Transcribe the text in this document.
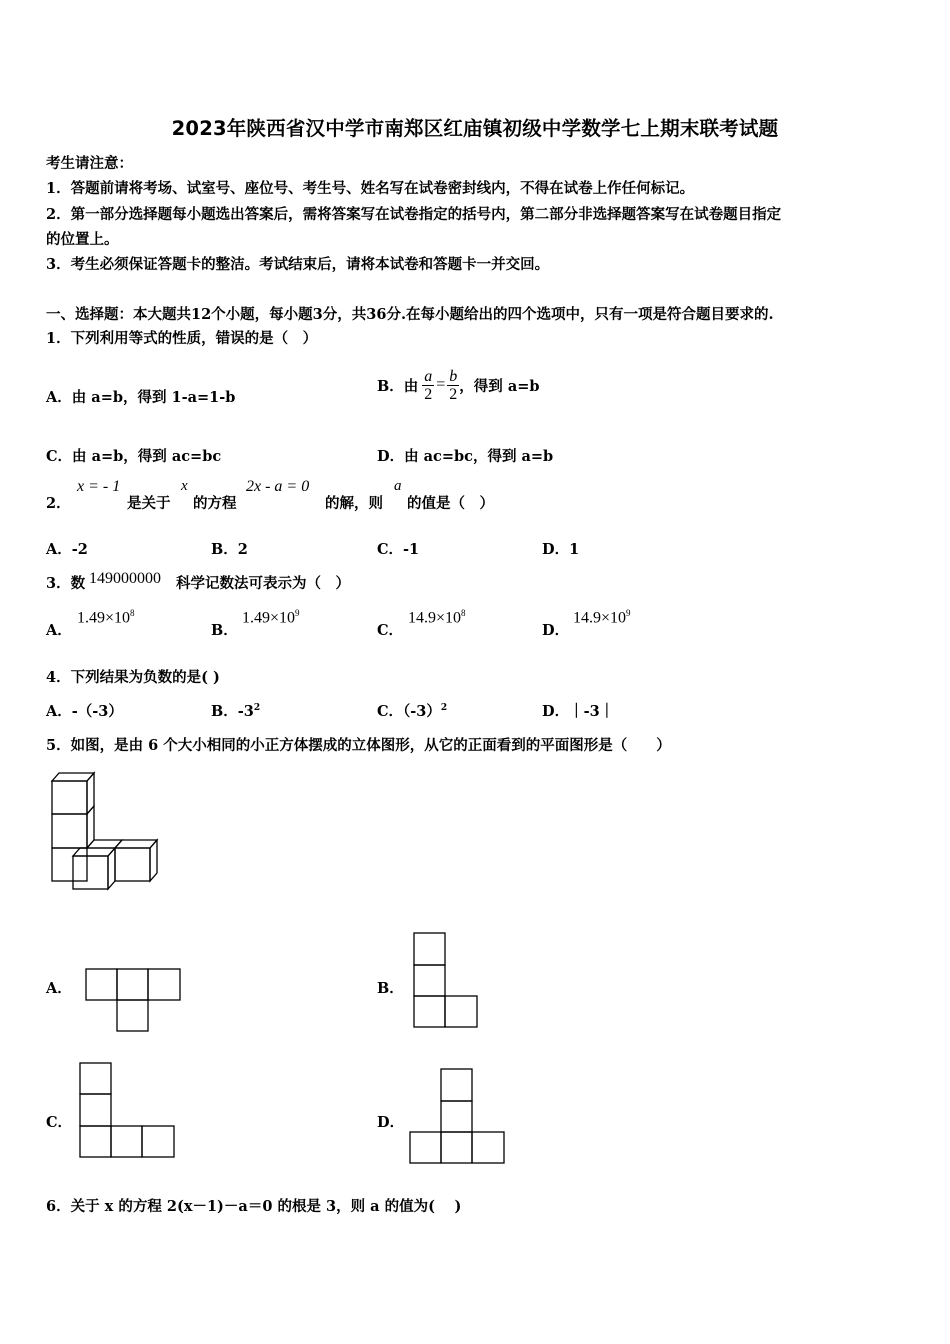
2023年陕西省汉中学市南郑区红庙镇初级中学数学七上期末联考试题
考生请注意：
1．答题前请将考场、试室号、座位号、考生号、姓名写在试卷密封线内，不得在试卷上作任何标记。
2．第一部分选择题每小题选出答案后，需将答案写在试卷指定的括号内，第二部分非选择题答案写在试卷题目指定
的位置上。
3．考生必须保证答题卡的整洁。考试结束后，请将本试卷和答题卡一并交回。
一、选择题：本大题共12个小题，每小题3分，共36分.在每小题给出的四个选项中，只有一项是符合题目要求的.
1．下列利用等式的性质，错误的是（　）
A．由 a=b，得到 1-a=1-b
B．由 $\frac{a}{2} = \frac{b}{2}$ ，得到 a=b
C．由 a=b，得到 ac=bc	D．由 ac=bc，得到 a=b
2．
x = - 1
是关于
x
的方程
2x - a = 0
的解，则
a
的值是（　）
A．-2	B．2	C．-1	D．1
3．数 149000000 科学记数法可表示为（　）
A．
$1.49\times 10^8$
B．
$1.49\times 10^9$
C．
$14.9\times 10^8$
D．
$14.9\times 10^9$
4．下列结果为负数的是( )
A．-（-3）	B．$-3^2$	C．$(-3)^2$	D．｜-3｜
5．如图，是由 6 个大小相同的小正方体摆成的立体图形，从它的正面看到的平面图形是（　　）
A．	B．
C．	D．
6．关于 x 的方程 2(x－1)－a＝0 的根是 3，则 a 的值为(　 )
